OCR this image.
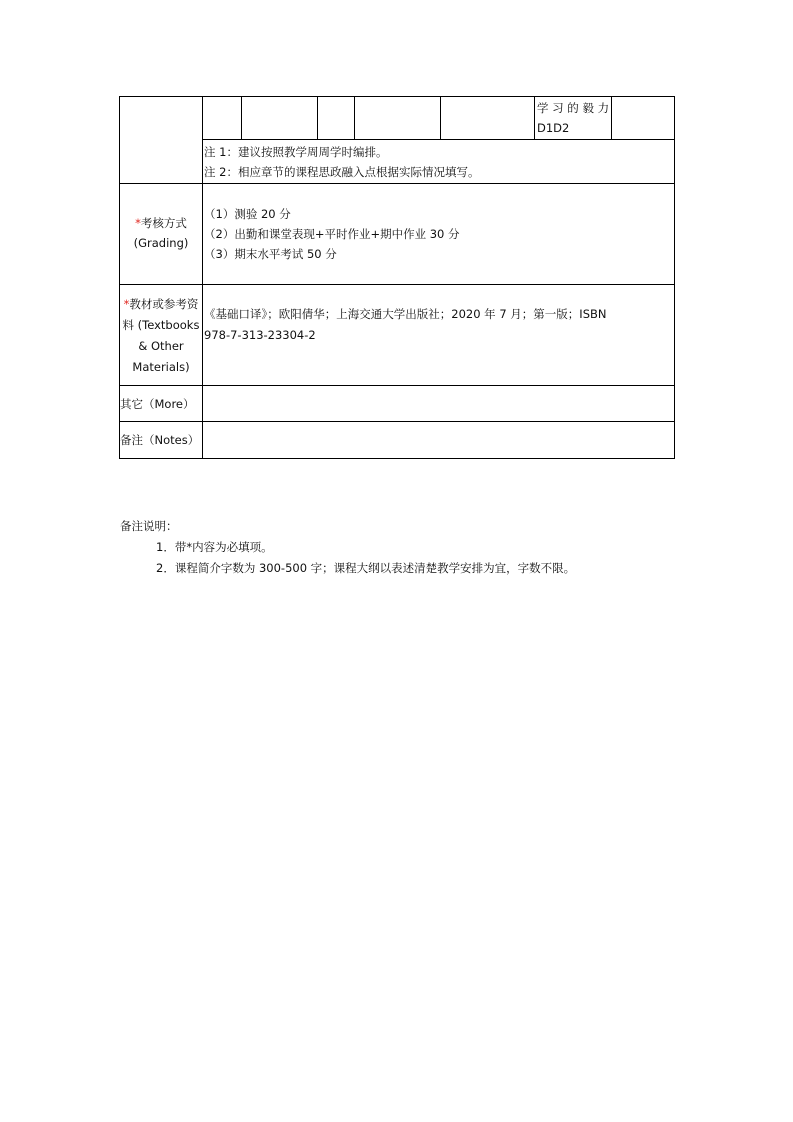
学 习 的 毅 力
D1D2
注 1：建议按照教学周周学时编排。
注 2：相应章节的课程思政融入点根据实际情况填写。
*考核方式
(Grading)
（1）测验 20 分
（2）出勤和课堂表现+平时作业+期中作业 30 分
（3）期末水平考试 50 分
*教材或参考资
料 (Textbooks
& Other
Materials)
《基础口译》；欧阳倩华；上海交通大学出版社；2020 年 7 月；第一版；ISBN
978-7-313-23304-2
其它（More）
备注（Notes）
备注说明：
1．带*内容为必填项。
2．课程简介字数为 300-500 字；课程大纲以表述清楚教学安排为宜，字数不限。
